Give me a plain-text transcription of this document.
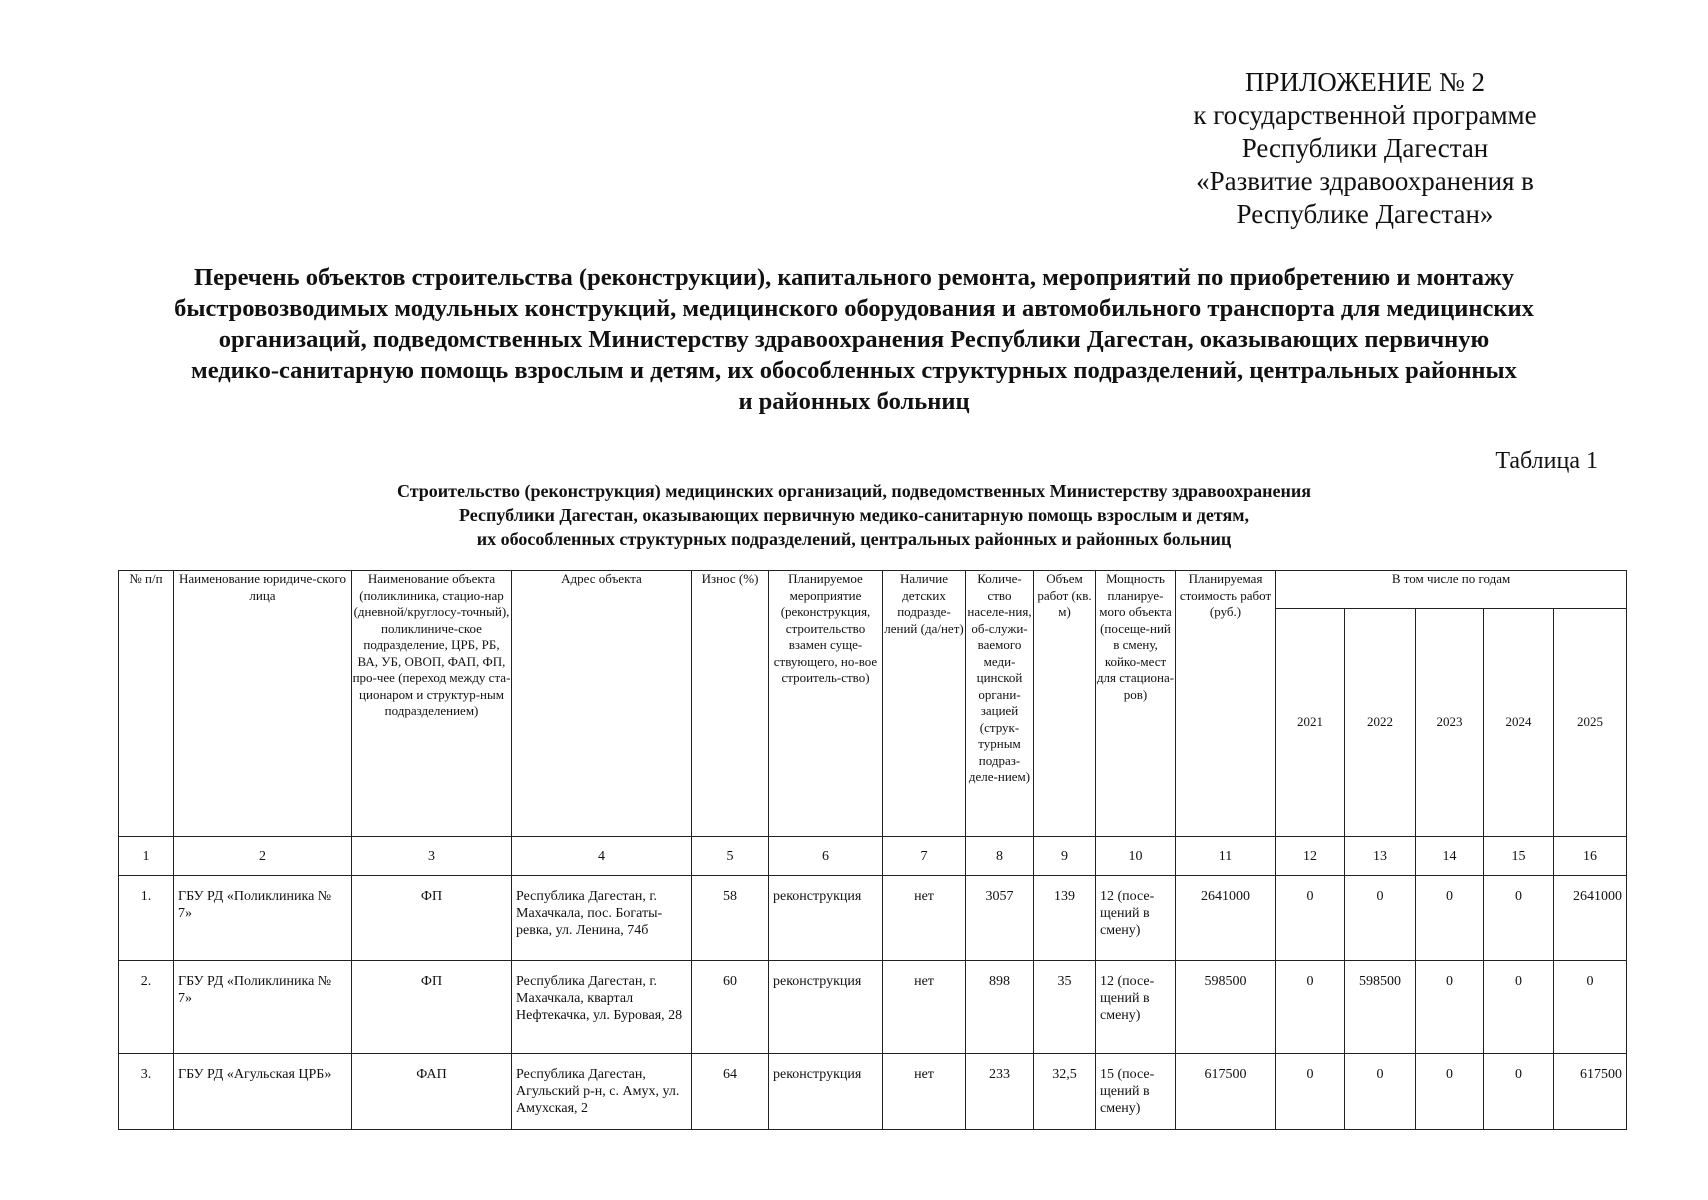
ПРИЛОЖЕНИЕ № 2
к государственной программе
Республики Дагестан
«Развитие здравоохранения в
Республике Дагестан»
Перечень объектов строительства (реконструкции), капитального ремонта, мероприятий по приобретению и монтажу
быстровозводимых модульных конструкций, медицинского оборудования и автомобильного транспорта для медицинских
организаций, подведомственных Министерству здравоохранения Республики Дагестан, оказывающих первичную
медико-санитарную помощь взрослым и детям, их обособленных структурных подразделений, центральных районных
и районных больниц
Таблица 1
Строительство (реконструкция) медицинских организаций, подведомственных Министерству здравоохранения
Республики Дагестан, оказывающих первичную медико-санитарную помощь взрослым и детям,
их обособленных структурных подразделений, центральных районных и районных больниц
№ п/п	Наименование юридиче-ского лица	Наименование объекта (поликлиника, стацио-нар (дневной/круглосу-точный), поликлиниче-ское подразделение, ЦРБ, РБ, ВА, УБ, ОВОП, ФАП, ФП, про-чее (переход между ста-ционаром и структур-ным подразделением)	Адрес объекта	Износ (%)	Планируемое мероприятие (реконструкция, строительство взамен суще-ствующего, но-вое строитель-ство)	Наличие детских подразде-лений (да/нет)	Количе-ство населе-ния, об-служи-ваемого меди-цинской органи-зацией (струк-турным подраз-деле-нием)	Объем работ (кв. м)	Мощность планируе-мого объекта (посеще-ний в смену, койко-мест для стациона-ров)	Планируемая стоимость работ (руб.)	В том числе по годам				
											2021	2022	2023	2024	2025
1	2	3	4	5	6	7	8	9	10	11	12	13	14	15	16
1.	ГБУ РД «Поликлиника № 7»	ФП	Республика Дагестан, г. Махачкала, пос. Богаты-ревка, ул. Ленина, 74б	58	реконструкция	нет	3057	139	12 (посе-щений в смену)	2641000	0	0	0	0	2641000
2.	ГБУ РД «Поликлиника № 7»	ФП	Республика Дагестан, г. Махачкала, квартал Нефтекачка, ул. Буровая, 28	60	реконструкция	нет	898	35	12 (посе-щений в смену)	598500	0	598500	0	0	0
3.	ГБУ РД «Агульская ЦРБ»	ФАП	Республика Дагестан, Агульский р-н, с. Амух, ул. Амухская, 2	64	реконструкция	нет	233	32,5	15 (посе-щений в смену)	617500	0	0	0	0	617500
